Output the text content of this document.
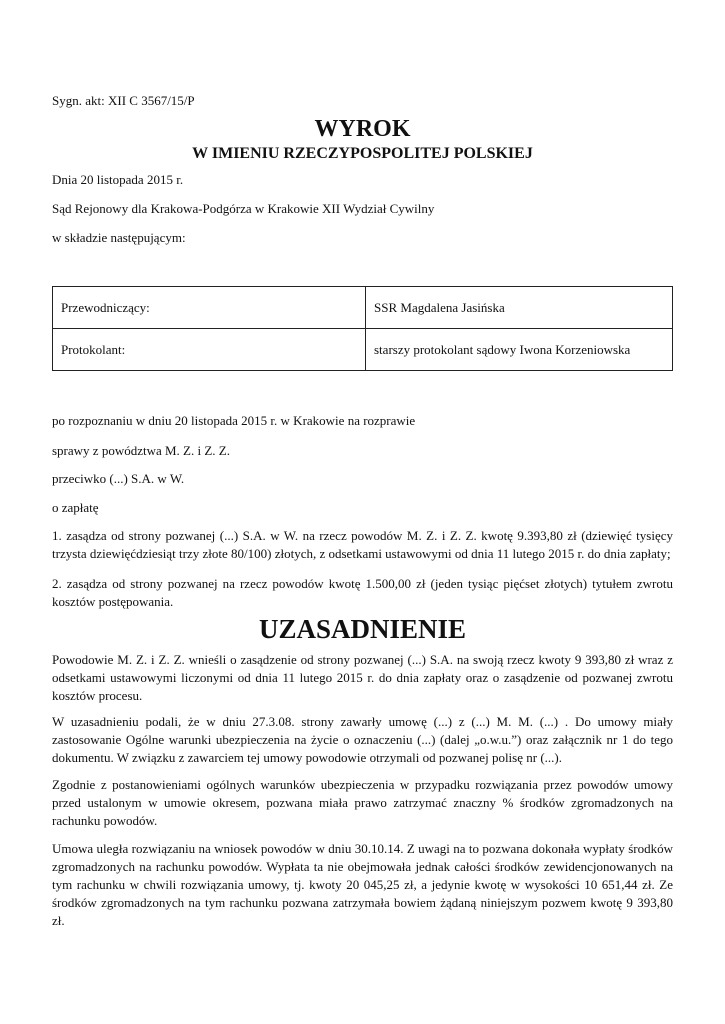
Sygn. akt: XII C 3567/15/P

WYROK
W IMIENIU RZECZYPOSPOLITEJ POLSKIEJ

Dnia 20 listopada 2015 r.

Sąd Rejonowy dla Krakowa-Podgórza w Krakowie XII Wydział Cywilny

w składzie następującym:

Przewodniczący:	SSR Magdalena Jasińska
Protokolant:	starszy protokolant sądowy Iwona Korzeniowska

po rozpoznaniu w dniu 20 listopada 2015 r. w Krakowie na rozprawie

sprawy z powództwa M. Z. i Z. Z.

przeciwko (...) S.A. w W.

o zapłatę

1. zasądza od strony pozwanej (...) S.A. w W. na rzecz powodów M. Z. i Z. Z. kwotę 9.393,80 zł (dziewięć tysięcy trzysta dziewięćdziesiąt trzy złote 80/100) złotych, z odsetkami ustawowymi od dnia 11 lutego 2015 r. do dnia zapłaty;

2. zasądza od strony pozwanej na rzecz powodów kwotę 1.500,00 zł (jeden tysiąc pięćset złotych) tytułem zwrotu kosztów postępowania.

UZASADNIENIE

Powodowie M. Z. i Z. Z. wnieśli o zasądzenie od strony pozwanej (...) S.A. na swoją rzecz kwoty 9 393,80 zł wraz z odsetkami ustawowymi liczonymi od dnia 11 lutego 2015 r. do dnia zapłaty oraz o zasądzenie od pozwanej zwrotu kosztów procesu.

W uzasadnieniu podali, że w dniu 27.3.08. strony zawarły umowę (...) z (...) M. M. (...) . Do umowy miały zastosowanie Ogólne warunki ubezpieczenia na życie o oznaczeniu (...) (dalej „o.w.u.”) oraz załącznik nr 1 do tego dokumentu. W związku z zawarciem tej umowy powodowie otrzymali od pozwanej polisę nr (...).

Zgodnie z postanowieniami ogólnych warunków ubezpieczenia w przypadku rozwiązania przez powodów umowy przed ustalonym w umowie okresem, pozwana miała prawo zatrzymać znaczny % środków zgromadzonych na rachunku powodów.

Umowa uległa rozwiązaniu na wniosek powodów w dniu 30.10.14. Z uwagi na to pozwana dokonała wypłaty środków zgromadzonych na rachunku powodów. Wypłata ta nie obejmowała jednak całości środków zewidencjonowanych na tym rachunku w chwili rozwiązania umowy, tj. kwoty 20 045,25 zł, a jedynie kwotę w wysokości 10 651,44 zł. Ze środków zgromadzonych na tym rachunku pozwana zatrzymała bowiem żądaną niniejszym pozwem kwotę 9 393,80 zł.
